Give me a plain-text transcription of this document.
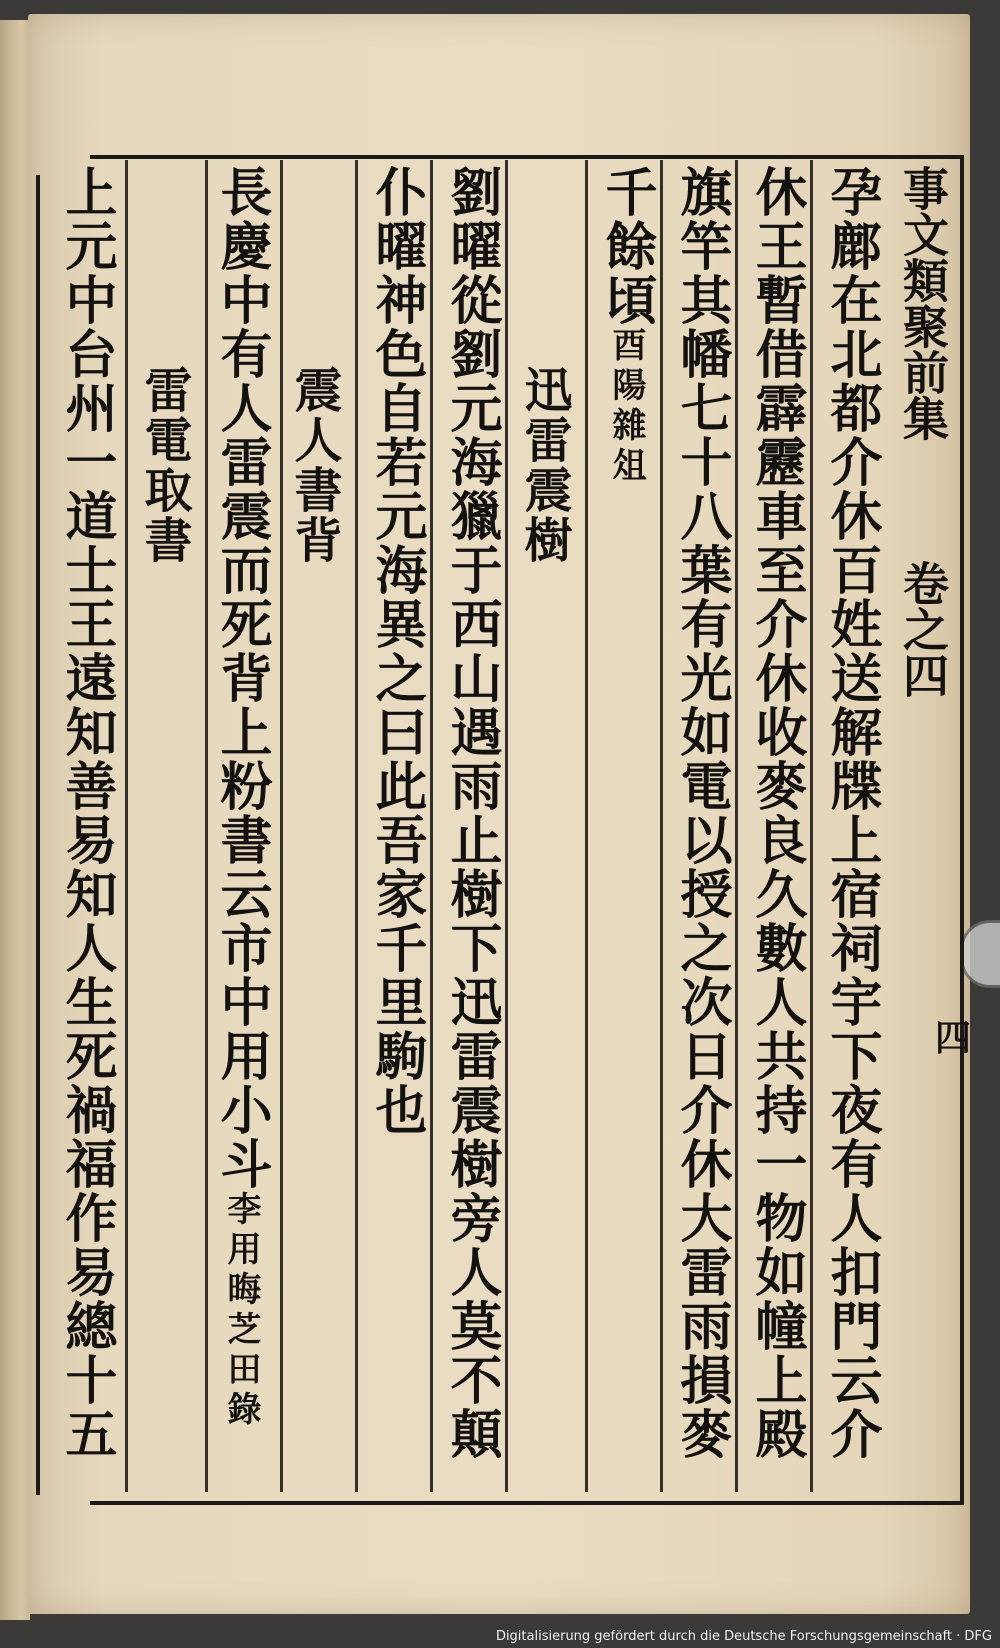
事文類聚前集
卷之四
四
孕鄜在北都介休百姓送解牒上宿祠宇下夜有人扣門云介
休王暫借霹靂車至介休收麥良久數人共持一物如幢上殿
旗竿其幡七十八葉有光如電以授之次日介休大雷雨損麥
千餘頃酉陽雜俎
迅雷震樹
劉曜從劉元海獵于西山遇雨止樹下迅雷震樹旁人莫不顛
仆曜神色自若元海異之曰此吾家千里駒也
震人書背
長慶中有人雷震而死背上粉書云市中用小斗李用晦芝田錄
雷電取書
上元中台州一道士王遠知善易知人生死禍福作易總十五
Digitalisierung gefördert durch die Deutsche Forschungsgemeinschaft · DFG
